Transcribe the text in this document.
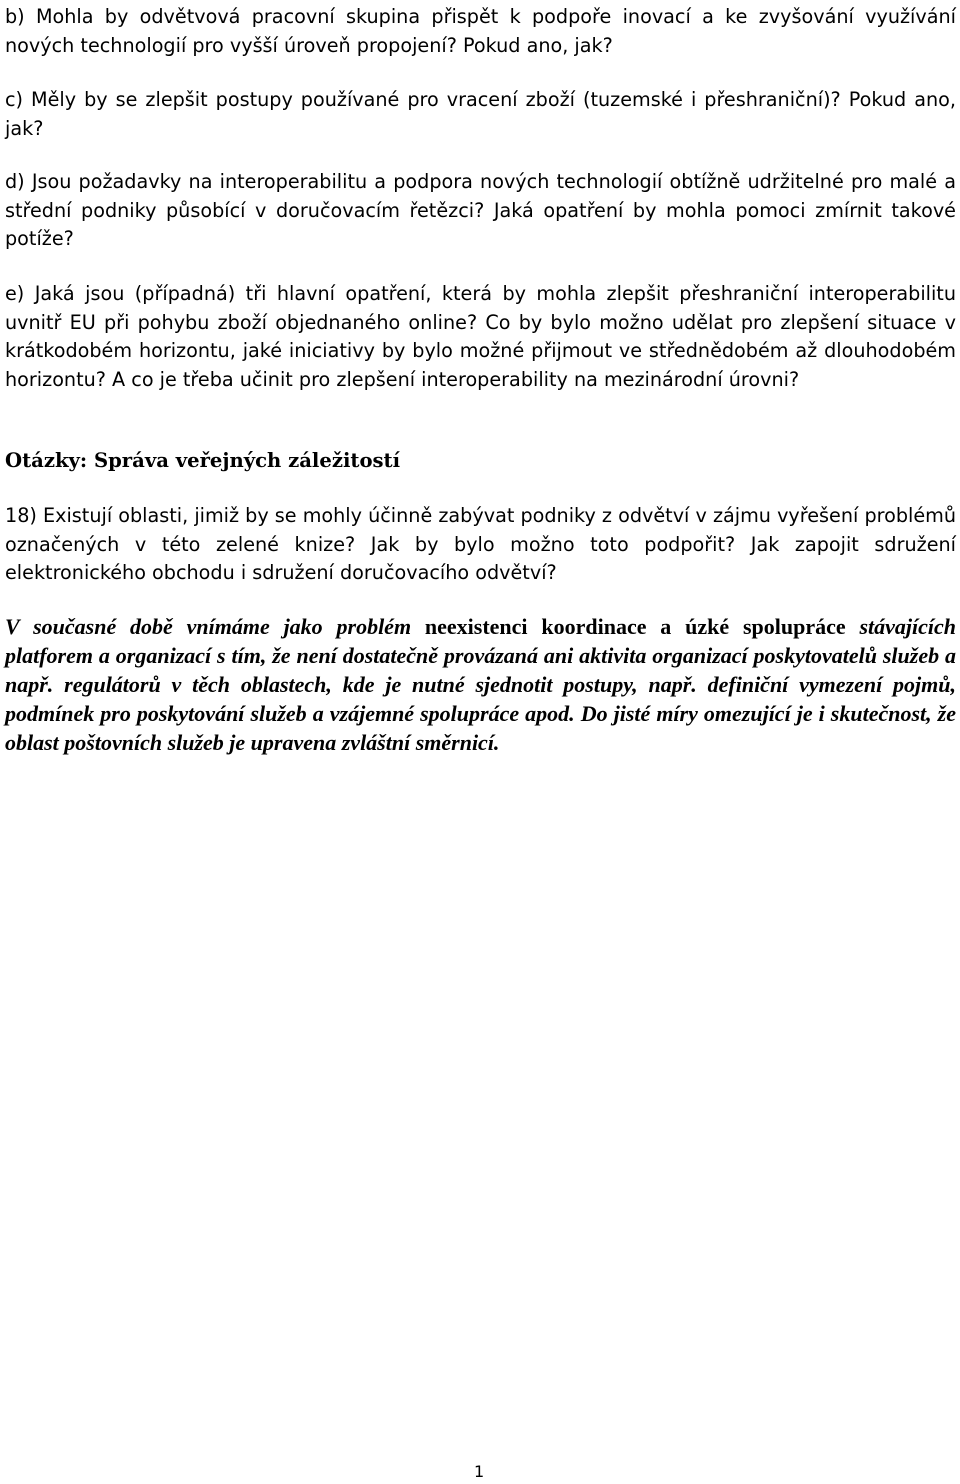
b) Mohla by odvětvová pracovní skupina přispět k podpoře inovací a ke zvyšování využívání nových technologií pro vyšší úroveň propojení? Pokud ano, jak?

c) Měly by se zlepšit postupy používané pro vracení zboží (tuzemské i přeshraniční)? Pokud ano, jak?

d) Jsou požadavky na interoperabilitu a podpora nových technologií obtížně udržitelné pro malé a střední podniky působící v doručovacím řetězci? Jaká opatření by mohla pomoci zmírnit takové potíže?

e) Jaká jsou (případná) tři hlavní opatření, která by mohla zlepšit přeshraniční interoperabilitu uvnitř EU při pohybu zboží objednaného online? Co by bylo možno udělat pro zlepšení situace v krátkodobém horizontu, jaké iniciativy by bylo možné přijmout ve střednědobém až dlouhodobém horizontu? A co je třeba učinit pro zlepšení interoperability na mezinárodní úrovni?

Otázky: Správa veřejných záležitostí

18) Existují oblasti, jimiž by se mohly účinně zabývat podniky z odvětví v zájmu vyřešení problémů označených v této zelené knize? Jak by bylo možno toto podpořit? Jak zapojit sdružení elektronického obchodu i sdružení doručovacího odvětví?

V současné době vnímáme jako problém neexistenci koordinace a úzké spolupráce stávajících platforem a organizací s tím, že není dostatečně provázaná ani aktivita organizací poskytovatelů služeb a např. regulátorů v těch oblastech, kde je nutné sjednotit postupy, např. definiční vymezení pojmů, podmínek pro poskytování služeb a vzájemné spolupráce apod. Do jisté míry omezující je i skutečnost, že oblast poštovních služeb je upravena zvláštní směrnicí.

1
